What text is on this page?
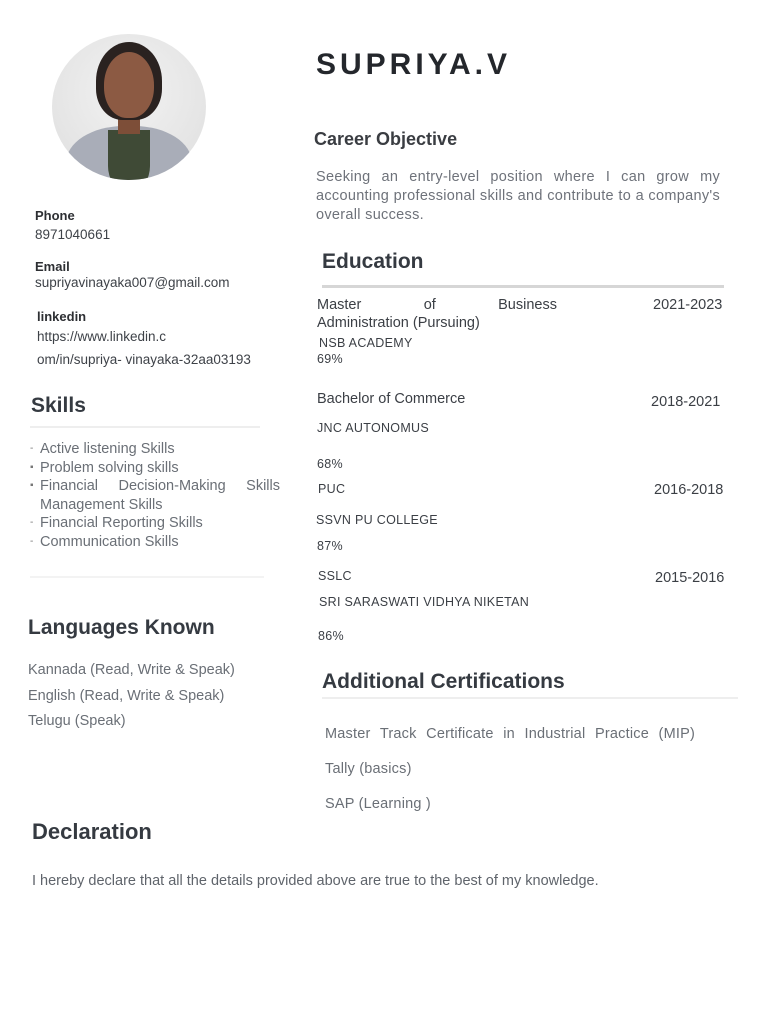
SUPRIYA.V
Phone
8971040661
Email
supriyavinayaka007@gmail.com
linkedin
https://www.linkedin.c
om/in/supriya- vinayaka-32aa03193
Skills
- Active listening Skills
▪ Problem solving skills
▪ Financial Decision-Making Skills Management Skills
- Financial Reporting Skills
- Communication Skills
Languages Known
Kannada (Read, Write & Speak)
English (Read, Write & Speak)
Telugu (Speak)
Career Objective
Seeking an entry-level position where I can grow my accounting professional skills and contribute to a company's overall success.
Education
Master	of	Business	2021-2023
Administration (Pursuing)
NSB ACADEMY
69%
Bachelor of Commerce	2018-2021
JNC AUTONOMUS
68%
PUC	2016-2018
SSVN PU COLLEGE
87%
SSLC	2015-2016
SRI SARASWATI VIDHYA NIKETAN
86%
Additional Certifications
Master Track Certificate in Industrial Practice (MIP)
Tally (basics)
SAP (Learning )
Declaration
I hereby declare that all the details provided above are true to the best of my knowledge.
